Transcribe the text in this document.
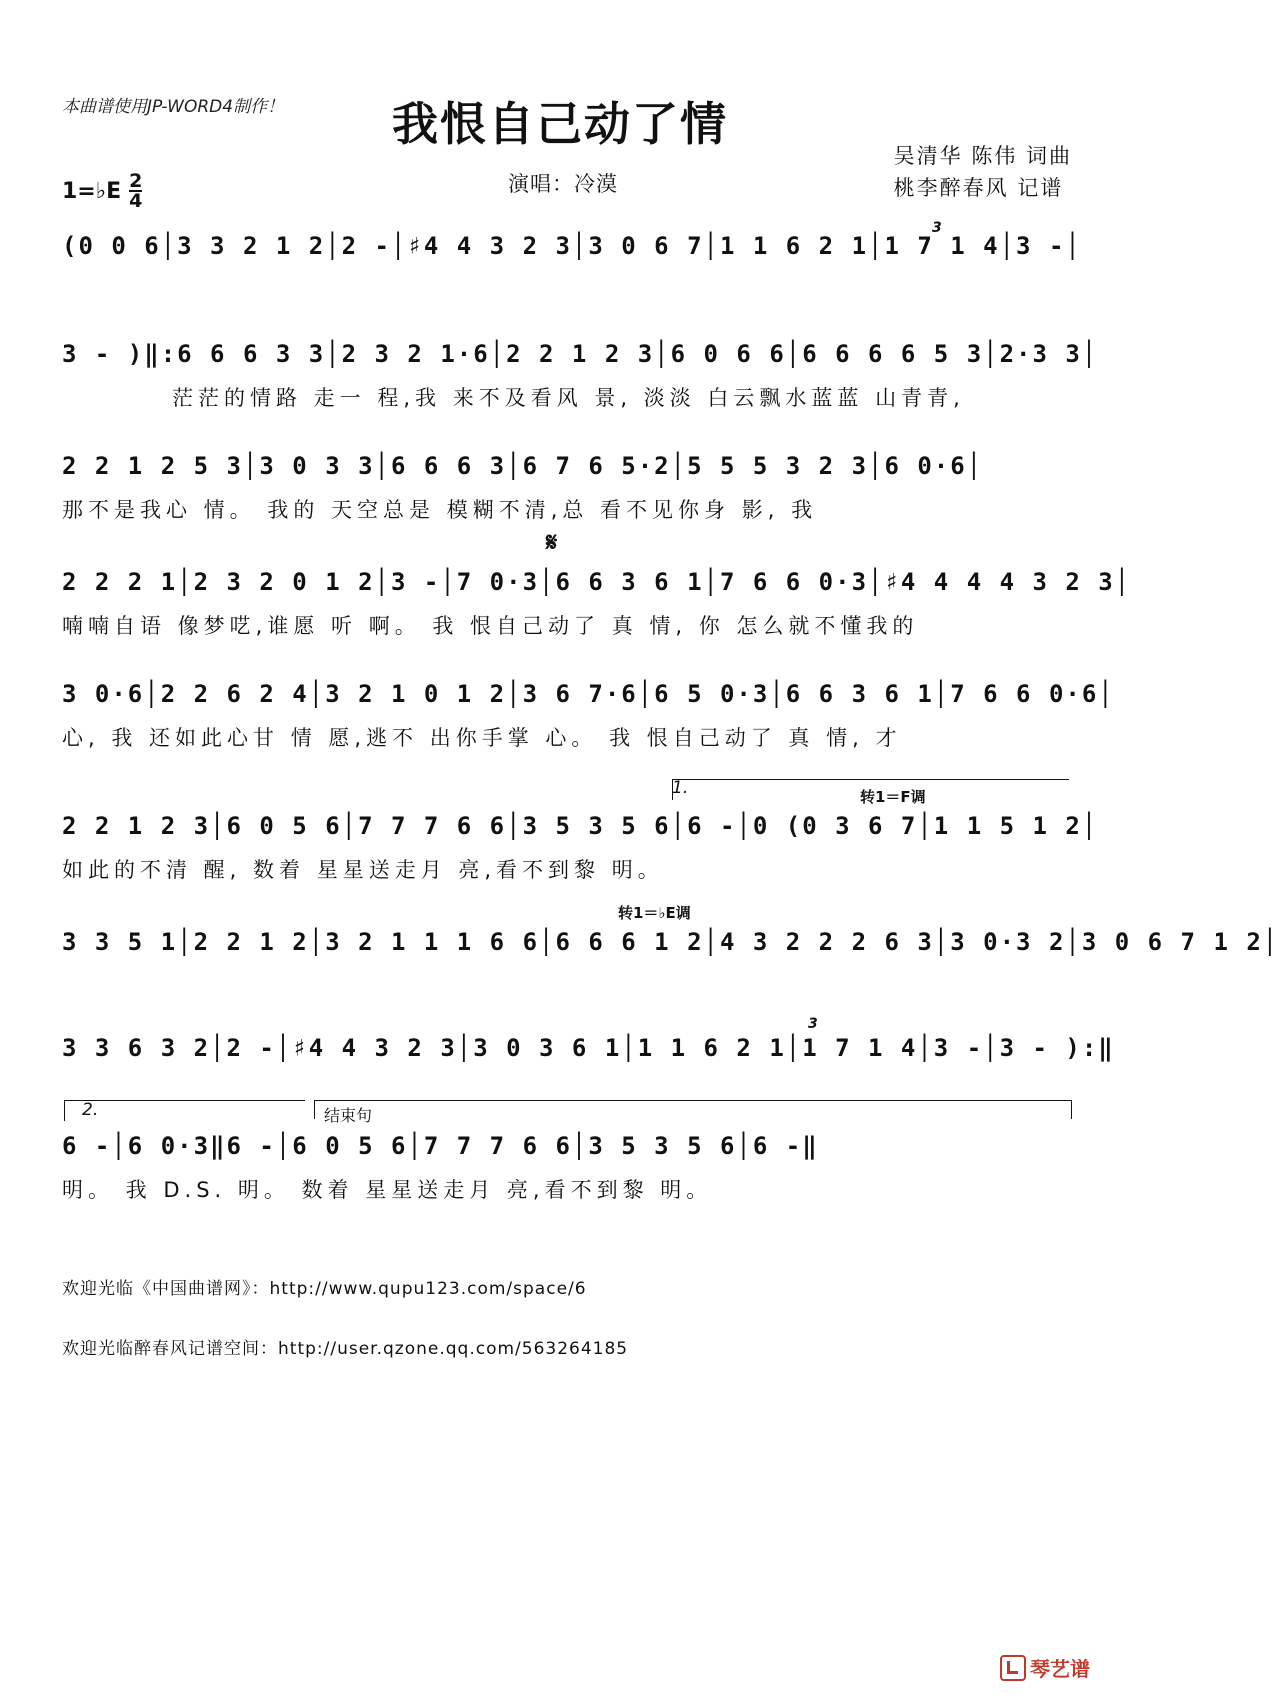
本曲谱使用JP-WORD4制作！	我恨自己动了情
吴清华 陈伟 词曲
桃李醉春风 记谱
演唱：冷漠
1=♭E 2
4
(0 0 6│3 3 2 1 2│2 -│♯4 4 3 2 3│3 0 6 7│1 1 6 2 1│1 7 1 4│3 -│
3
3 - )‖:6 6 6 3 3│2 3 2 1·6│2 2 1 2 3│6 0 6 6│6 6 6 6 5 3│2·3 3│
茫茫的情路 走一 程,我 来不及看风 景, 淡淡 白云飘水蓝蓝 山青青,
2 2 1 2 5 3│3 0 3 3│6 6 6 3│6 7 6 5·2│5 5 5 3 2 3│6 0·6│
那不是我心 情。 我的 天空总是 模糊不清,总 看不见你身 影, 我
𝄋
2 2 2 1│2 3 2 0 1 2│3 -│7 0·3│6 6 3 6 1│7 6 6 0·3│♯4 4 4 4 3 2 3│
喃喃自语 像梦呓,谁愿 听 啊。 我 恨自己动了 真 情, 你 怎么就不懂我的
3 0·6│2 2 6 2 4│3 2 1 0 1 2│3 6 7·6│6 5 0·3│6 6 3 6 1│7 6 6 0·6│
心, 我 还如此心甘 情 愿,逃不 出你手掌 心。 我 恨自己动了 真 情, 才
1.	转1＝F调
2 2 1 2 3│6 0 5 6│7 7 7 6 6│3 5 3 5 6│6 -│0 (0 3 6 7│1 1 5 1 2│
如此的不清 醒, 数着 星星送走月 亮,看不到黎 明。
转1＝♭E调
3 3 5 1│2 2 1 2│3 2 1 1 1 6 6│6 6 6 1 2│4 3 2 2 2 6 3│3 0·3 2│3 0 6 7 1 2│
3 3 6 3 2│2 -│♯4 4 3 2 3│3 0 3 6 1│1 1 6 2 1│1 7 1 4│3 -│3 - ):‖
3
2.	结束句
6 -│6 0·3‖6 -│6 0 5 6│7 7 7 6 6│3 5 3 5 6│6 -‖
明。 我 D.S. 明。 数着 星星送走月 亮,看不到黎 明。
欢迎光临《中国曲谱网》：http://www.qupu123.com/space/6
欢迎光临醉春风记谱空间：http://user.qzone.qq.com/563264185
琴艺谱
